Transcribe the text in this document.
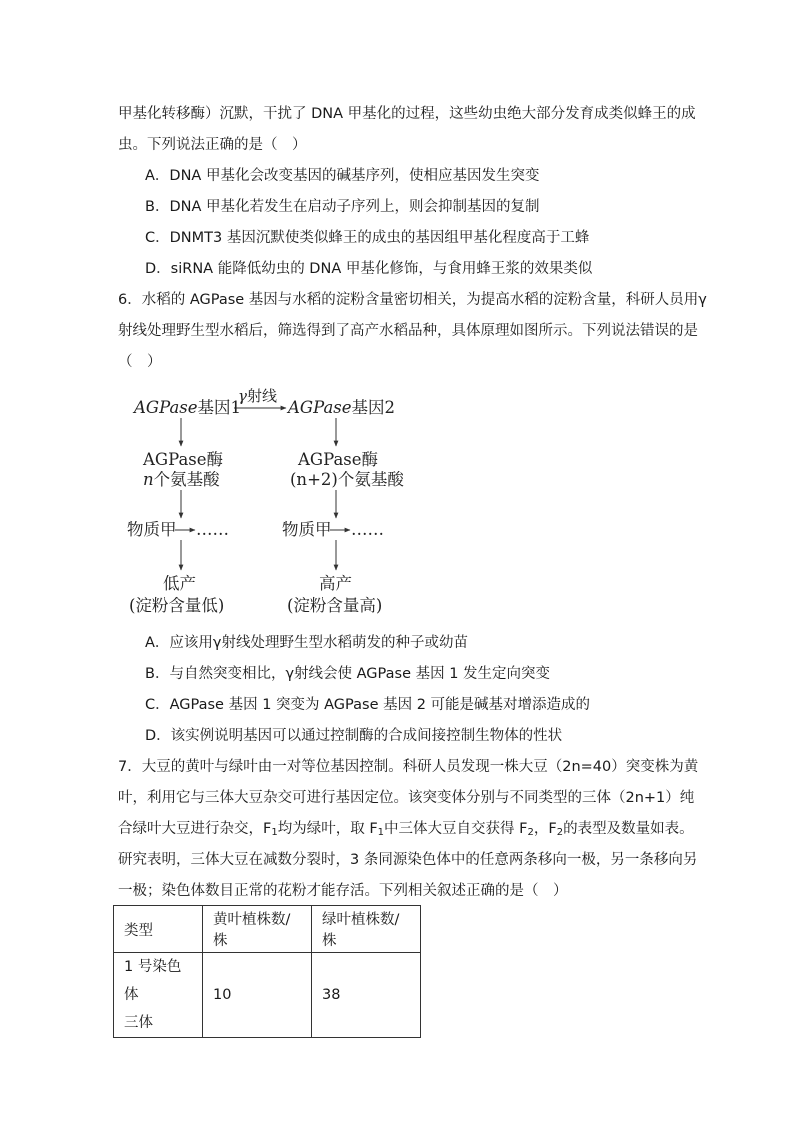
甲基化转移酶）沉默，干扰了 DNA 甲基化的过程，这些幼虫绝大部分发育成类似蜂王的成
虫。下列说法正确的是（　）
A．DNA 甲基化会改变基因的碱基序列，使相应基因发生突变
B．DNA 甲基化若发生在启动子序列上，则会抑制基因的复制
C．DNMT3 基因沉默使类似蜂王的成虫的基因组甲基化程度高于工蜂
D．siRNA 能降低幼虫的 DNA 甲基化修饰，与食用蜂王浆的效果类似
6．水稻的 AGPase 基因与水稻的淀粉含量密切相关，为提高水稻的淀粉含量，科研人员用γ
射线处理野生型水稻后，筛选得到了高产水稻品种，具体原理如图所示。下列说法错误的是
（　）
AGPase基因1
γ射线
AGPase基因2
AGPase酶
n个氨基酸
AGPase酶
(n+2)个氨基酸
物质甲 ……	物质甲 ……
低产
(淀粉含量低)
高产
(淀粉含量高)
A．应该用γ射线处理野生型水稻萌发的种子或幼苗
B．与自然突变相比，γ射线会使 AGPase 基因 1 发生定向突变
C．AGPase 基因 1 突变为 AGPase 基因 2 可能是碱基对增添造成的
D．该实例说明基因可以通过控制酶的合成间接控制生物体的性状
7．大豆的黄叶与绿叶由一对等位基因控制。科研人员发现一株大豆（2n=40）突变株为黄
叶，利用它与三体大豆杂交可进行基因定位。该突变体分别与不同类型的三体（2n+1）纯
合绿叶大豆进行杂交，$F_1$均为绿叶，取 $F_1$中三体大豆自交获得 $F_2$，$F_2$的表型及数量如表。
研究表明，三体大豆在减数分裂时，3 条同源染色体中的任意两条移向一极，另一条移向另
一极；染色体数目正常的花粉才能存活。下列相关叙述正确的是（　）
类型	黄叶植株数/株	绿叶植株数/株

1 号染色体
三体	10	38
